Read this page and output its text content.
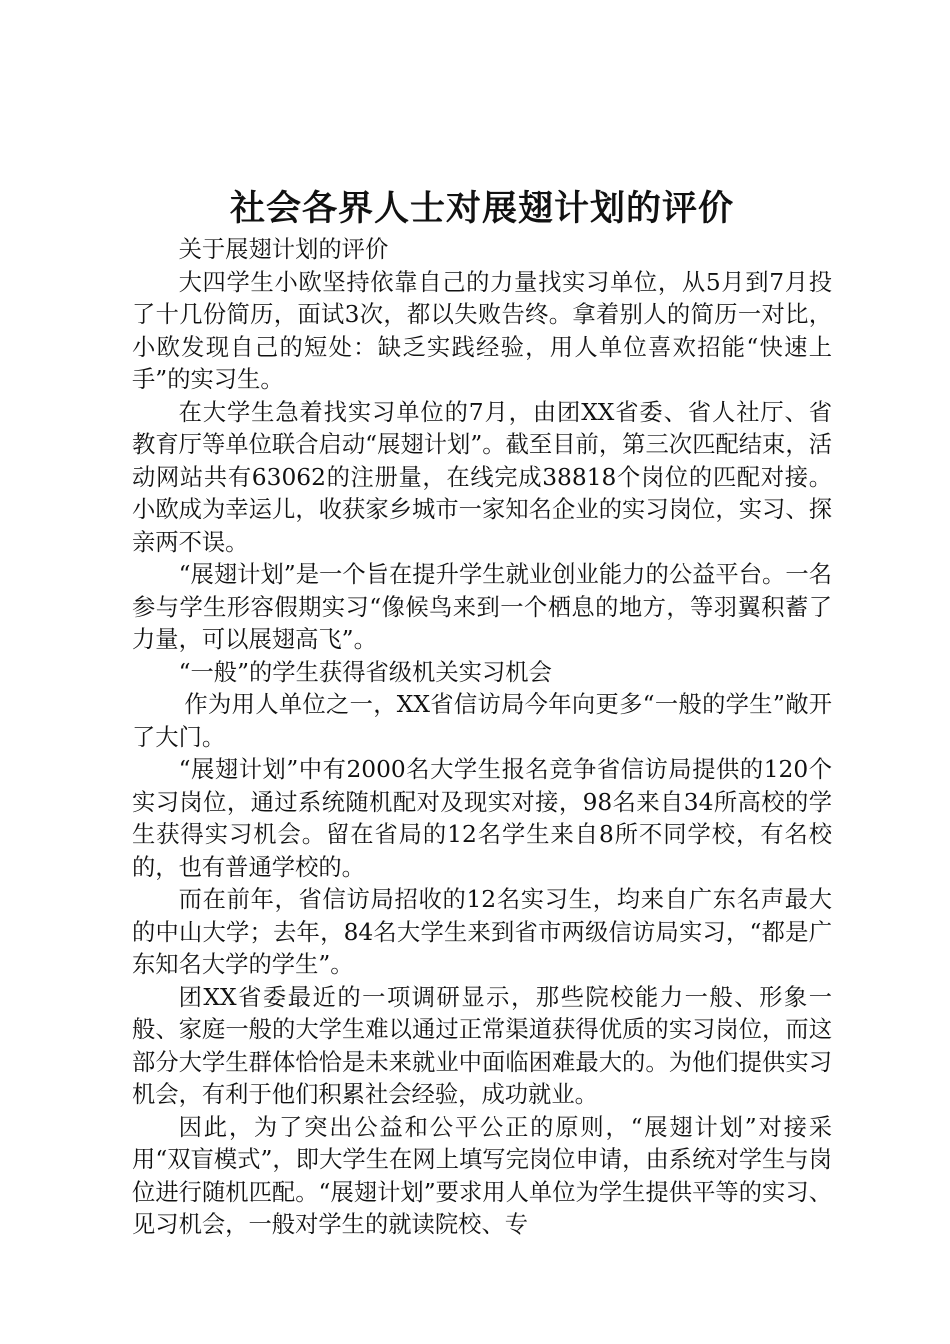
社会各界人士对展翅计划的评价

关于展翅计划的评价

大四学生小欧坚持依靠自己的力量找实习单位，从5月到7月投了十几份简历，面试3次，都以失败告终。拿着别人的简历一对比，小欧发现自己的短处：缺乏实践经验，用人单位喜欢招能“快速上手”的实习生。

在大学生急着找实习单位的7月，由团XX省委、省人社厅、省教育厅等单位联合启动“展翅计划”。截至目前，第三次匹配结束，活动网站共有63062的注册量，在线完成38818个岗位的匹配对接。小欧成为幸运儿，收获家乡城市一家知名企业的实习岗位，实习、探亲两不误。

“展翅计划”是一个旨在提升学生就业创业能力的公益平台。一名参与学生形容假期实习“像候鸟来到一个栖息的地方，等羽翼积蓄了力量，可以展翅高飞”。

“一般”的学生获得省级机关实习机会

作为用人单位之一，XX省信访局今年向更多“一般的学生”敞开了大门。

“展翅计划”中有2000名大学生报名竞争省信访局提供的120个实习岗位，通过系统随机配对及现实对接，98名来自34所高校的学生获得实习机会。留在省局的12名学生来自8所不同学校，有名校的，也有普通学校的。

而在前年，省信访局招收的12名实习生，均来自广东名声最大的中山大学；去年，84名大学生来到省市两级信访局实习，“都是广东知名大学的学生”。

团XX省委最近的一项调研显示，那些院校能力一般、形象一般、家庭一般的大学生难以通过正常渠道获得优质的实习岗位，而这部分大学生群体恰恰是未来就业中面临困难最大的。为他们提供实习机会，有利于他们积累社会经验，成功就业。

因此，为了突出公益和公平公正的原则，“展翅计划”对接采用“双盲模式”，即大学生在网上填写完岗位申请，由系统对学生与岗位进行随机匹配。“展翅计划”要求用人单位为学生提供平等的实习、见习机会，一般对学生的就读院校、专
